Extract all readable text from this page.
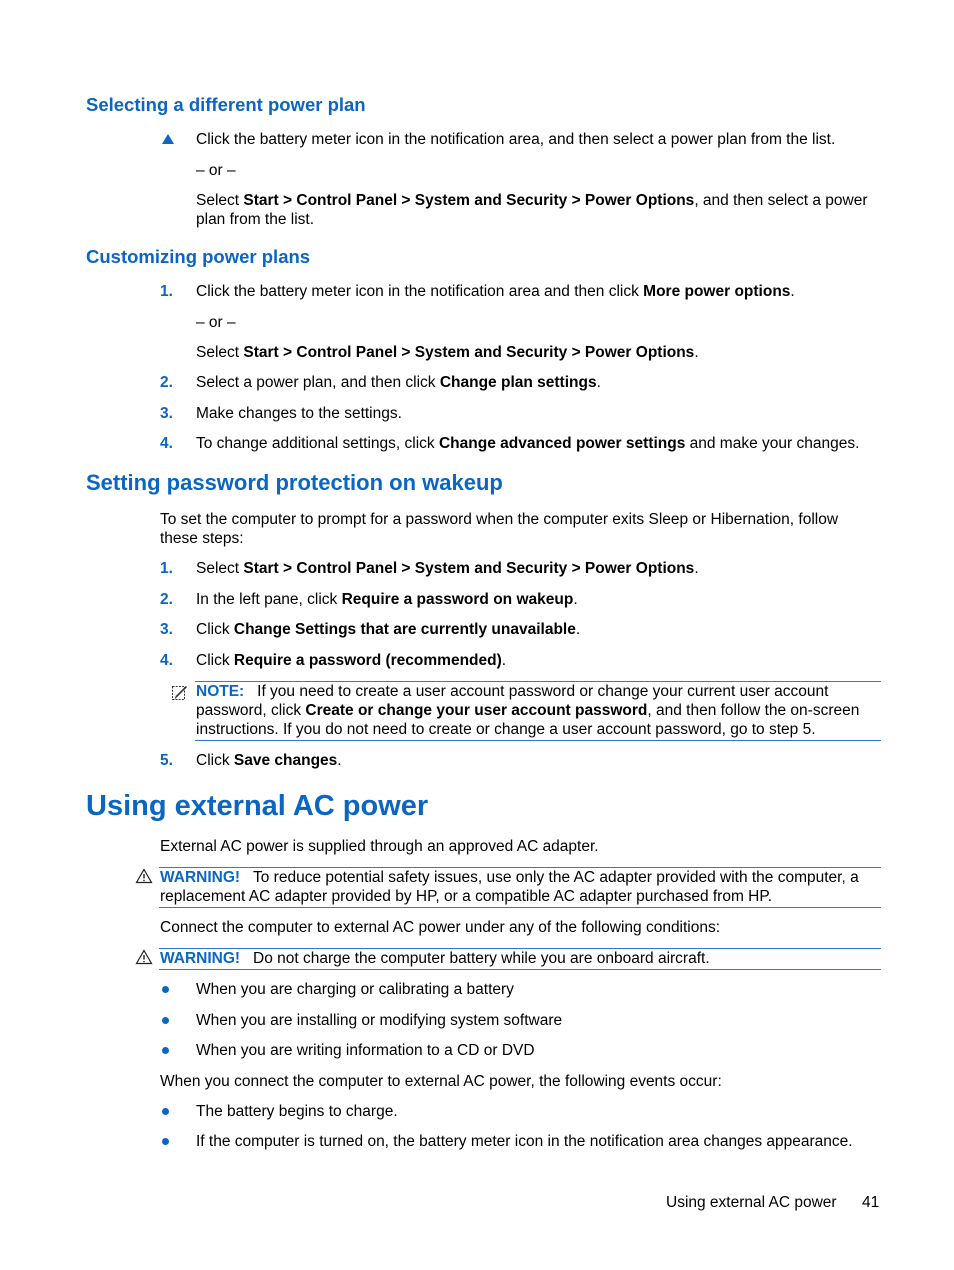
Selecting a different power plan
Click the battery meter icon in the notification area, and then select a power plan from the list.
– or –
Select Start > Control Panel > System and Security > Power Options, and then select a power plan from the list.
Customizing power plans
1. Click the battery meter icon in the notification area and then click More power options.
– or –
Select Start > Control Panel > System and Security > Power Options.
2. Select a power plan, and then click Change plan settings.
3. Make changes to the settings.
4. To change additional settings, click Change advanced power settings and make your changes.
Setting password protection on wakeup
To set the computer to prompt for a password when the computer exits Sleep or Hibernation, follow these steps:
1. Select Start > Control Panel > System and Security > Power Options.
2. In the left pane, click Require a password on wakeup.
3. Click Change Settings that are currently unavailable.
4. Click Require a password (recommended).
NOTE: If you need to create a user account password or change your current user account password, click Create or change your user account password, and then follow the on-screen instructions. If you do not need to create or change a user account password, go to step 5.
5. Click Save changes.
Using external AC power
External AC power is supplied through an approved AC adapter.
WARNING! To reduce potential safety issues, use only the AC adapter provided with the computer, a replacement AC adapter provided by HP, or a compatible AC adapter purchased from HP.
Connect the computer to external AC power under any of the following conditions:
WARNING! Do not charge the computer battery while you are onboard aircraft.
When you are charging or calibrating a battery
When you are installing or modifying system software
When you are writing information to a CD or DVD
When you connect the computer to external AC power, the following events occur:
The battery begins to charge.
If the computer is turned on, the battery meter icon in the notification area changes appearance.
Using external AC power 41
